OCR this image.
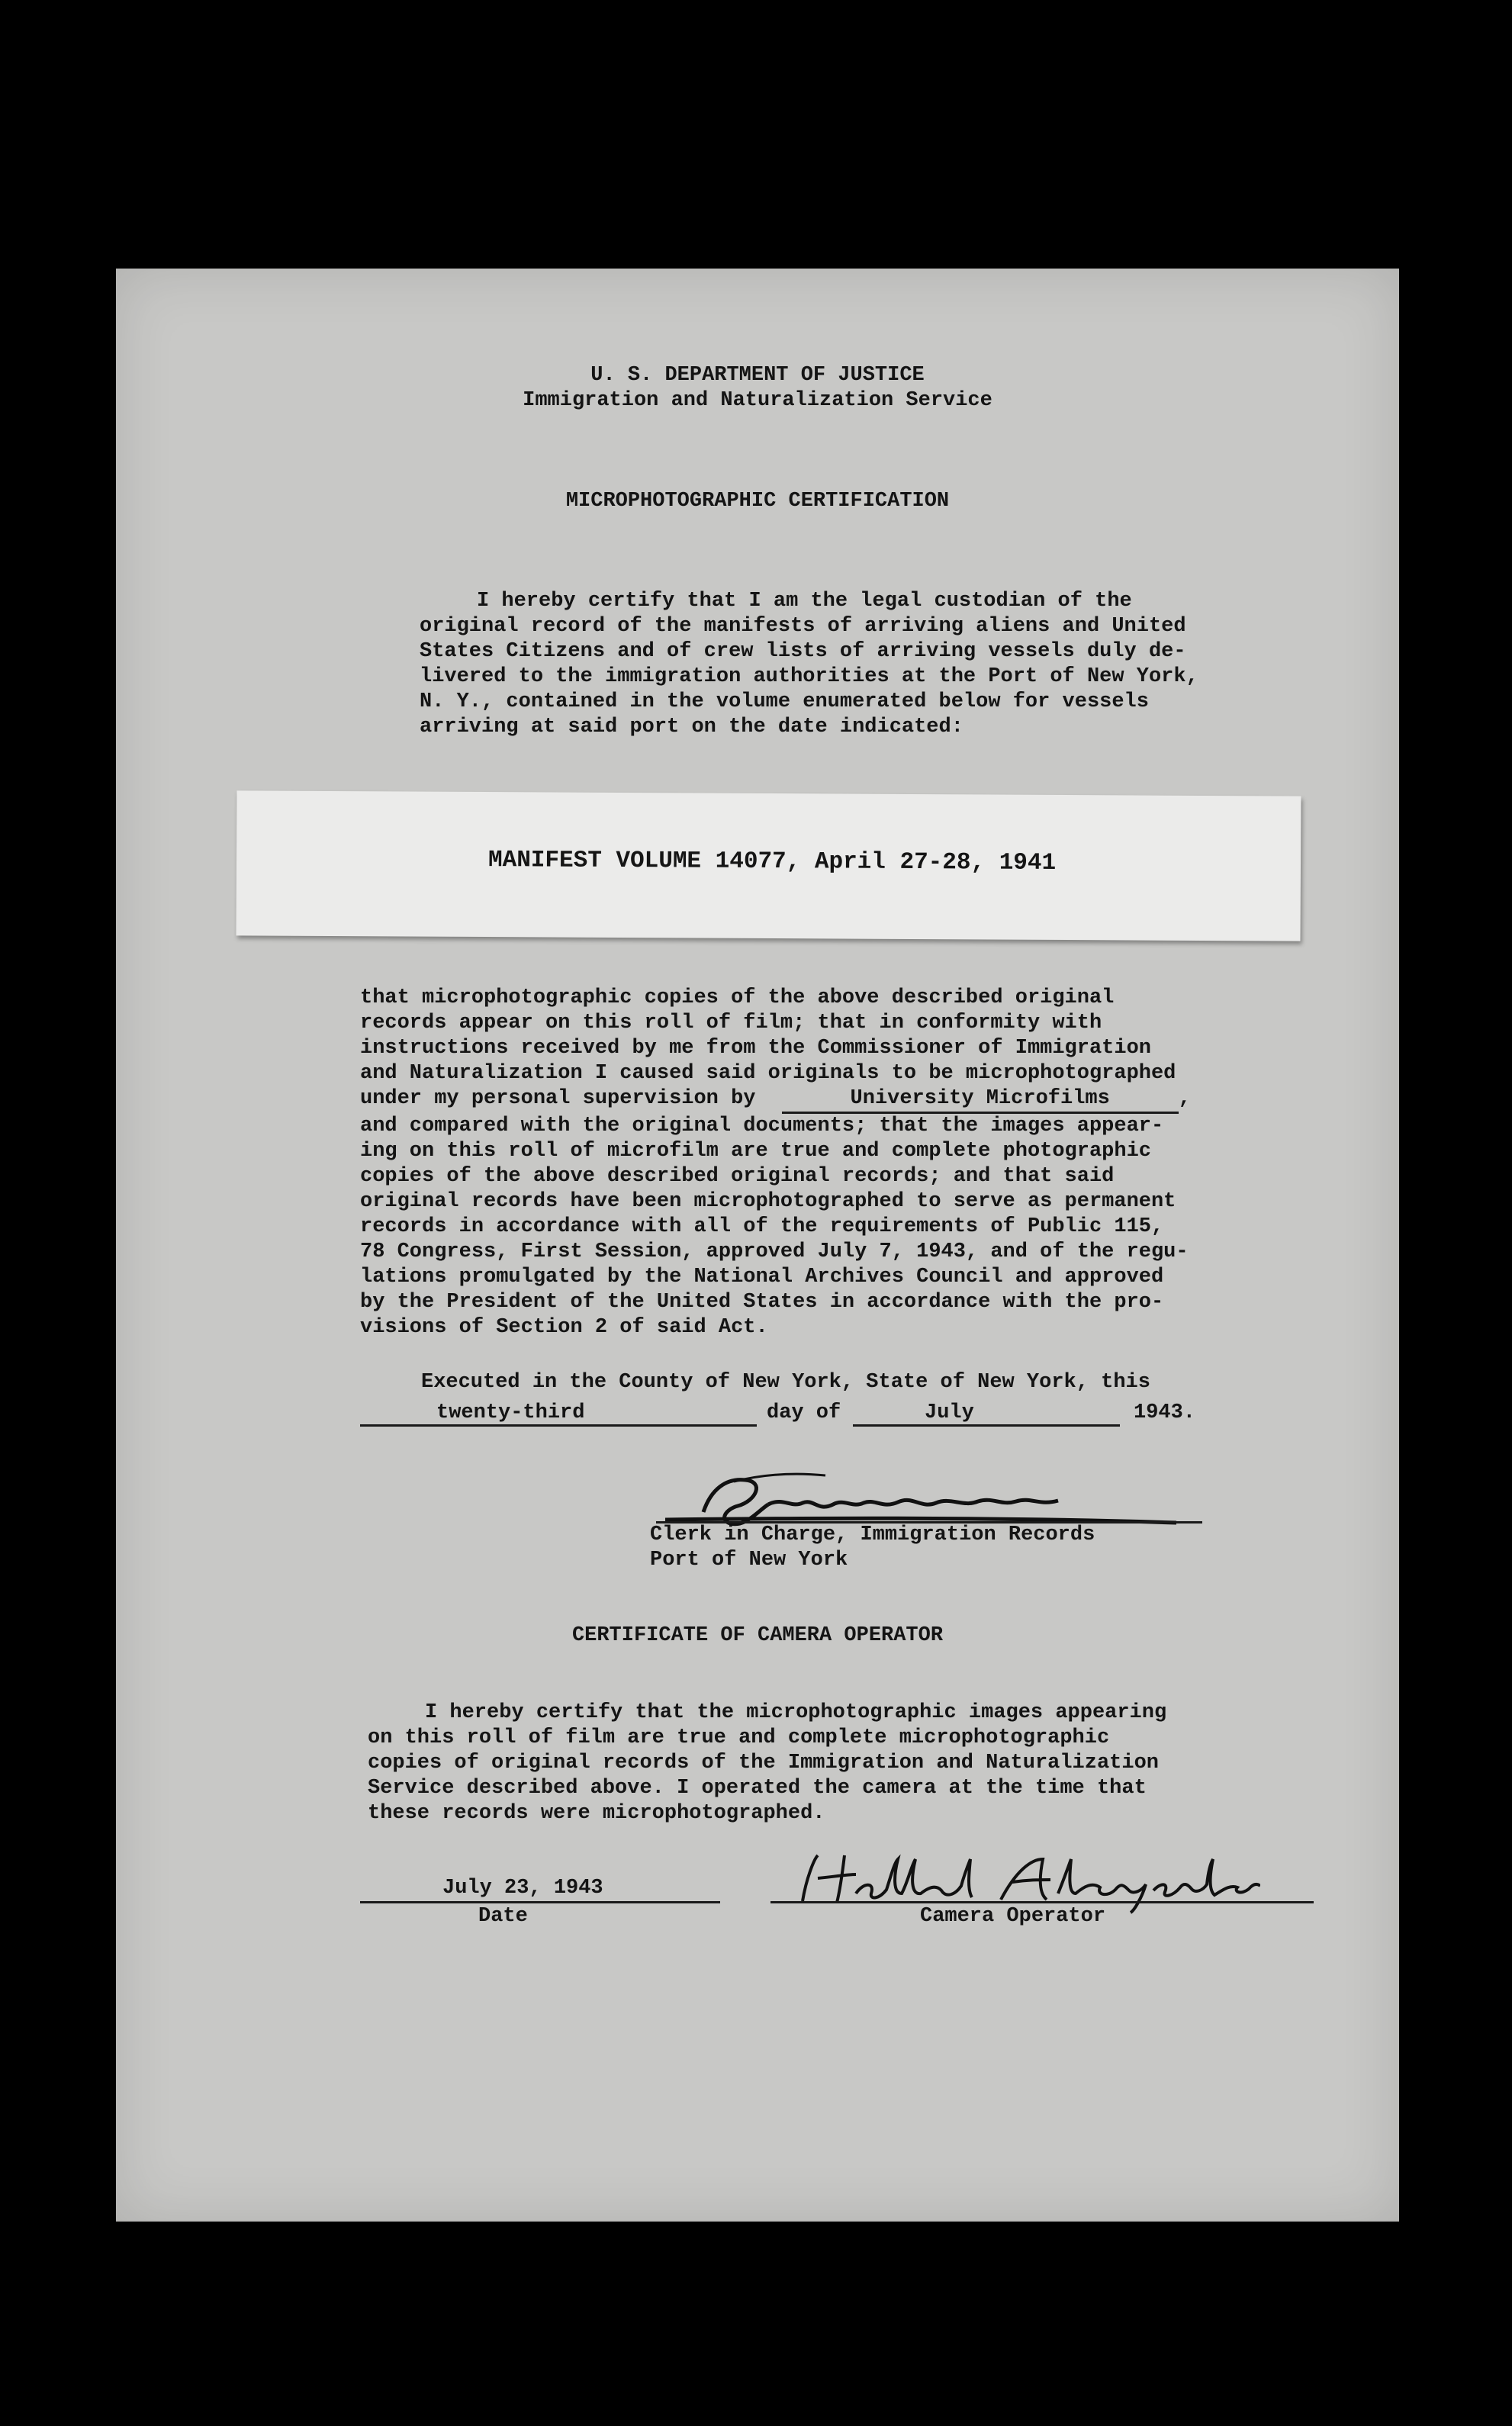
U. S. DEPARTMENT OF JUSTICE
Immigration and Naturalization Service
MICROPHOTOGRAPHIC CERTIFICATION
I hereby certify that I am the legal custodian of the
original record of the manifests of arriving aliens and United
States Citizens and of crew lists of arriving vessels duly de-
livered to the immigration authorities at the Port of New York,
N. Y., contained in the volume enumerated below for vessels
arriving at said port on the date indicated:
that microphotographic copies of the above described original
records appear on this roll of film; that in conformity with
instructions received by me from the Commissioner of Immigration
and Naturalization I caused said originals to be microphotographed
under my personal supervision by	University Microfilms	,
and compared with the original documents; that the images appear-
ing on this roll of microfilm are true and complete photographic
copies of the above described original records; and that said
original records have been microphotographed to serve as permanent
records in accordance with all of the requirements of Public 115,
78 Congress, First Session, approved July 7, 1943, and of the regu-
lations promulgated by the National Archives Council and approved
by the President of the United States in accordance with the pro-
visions of Section 2 of said Act.
Executed in the County of New York, State of New York, this
twenty-third	day of	July	1943.
Clerk in Charge, Immigration Records
Port of New York
CERTIFICATE OF CAMERA OPERATOR
I hereby certify that the microphotographic images appearing
on this roll of film are true and complete microphotographic
copies of original records of the Immigration and Naturalization
Service described above. I operated the camera at the time that
these records were microphotographed.
July 23, 1943
Date	Camera Operator
MANIFEST VOLUME 14077, April 27-28, 1941
